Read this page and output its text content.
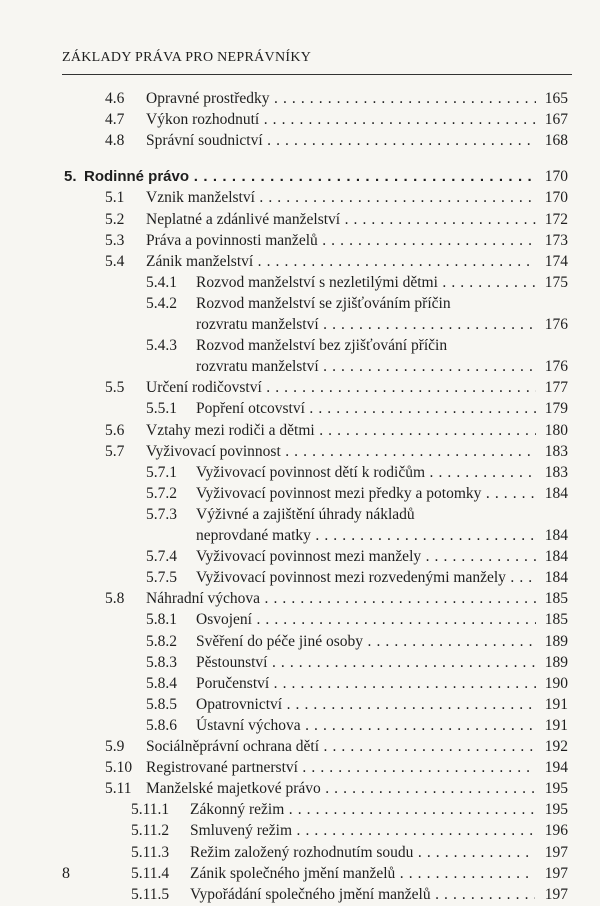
ZÁKLADY PRÁVA PRO NEPRÁVNÍKY
4.6 Opravné prostředky . . .	165
4.7 Výkon rozhodnutí . . .	167
4.8 Správní soudnictví . . .	168
5. Rodinné právo . . .	170
5.1 Vznik manželství . . .	170
5.2 Neplatné a zdánlivé manželství . . .	172
5.3 Práva a povinnosti manželů . . .	173
5.4 Zánik manželství . . .	174
5.4.1 Rozvod manželství s nezletilými dětmi . . .	175
5.4.2 Rozvod manželství se zjišťováním příčin
rozvratu manželství . . .	176
5.4.3 Rozvod manželství bez zjišťování příčin
rozvratu manželství . . .	176
5.5 Určení rodičovství . . .	177
5.5.1 Popření otcovství . . .	179
5.6 Vztahy mezi rodiči a dětmi . . .	180
5.7 Vyživovací povinnost . . .	183
5.7.1 Vyživovací povinnost dětí k rodičům . . .	183
5.7.2 Vyživovací povinnost mezi předky a potomky . . .	184
5.7.3 Výživné a zajištění úhrady nákladů
neprovdané matky . . .	184
5.7.4 Vyživovací povinnost mezi manžely . . .	184
5.7.5 Vyživovací povinnost mezi rozvedenými manžely . . .	184
5.8 Náhradní výchova . . .	185
5.8.1 Osvojení . . .	185
5.8.2 Svěření do péče jiné osoby . . .	189
5.8.3 Pěstounství . . .	189
5.8.4 Poručenství . . .	190
5.8.5 Opatrovnictví . . .	191
5.8.6 Ústavní výchova . . .	191
5.9 Sociálněprávní ochrana dětí . . .	192
5.10 Registrované partnerství . . .	194
5.11 Manželské majetkové právo . . .	195
5.11.1 Zákonný režim . . .	195
5.11.2 Smluvený režim . . .	196
5.11.3 Režim založený rozhodnutím soudu . . .	197
8	5.11.4 Zánik společného jmění manželů . . .	197
5.11.5 Vypořádání společného jmění manželů . . .	197
